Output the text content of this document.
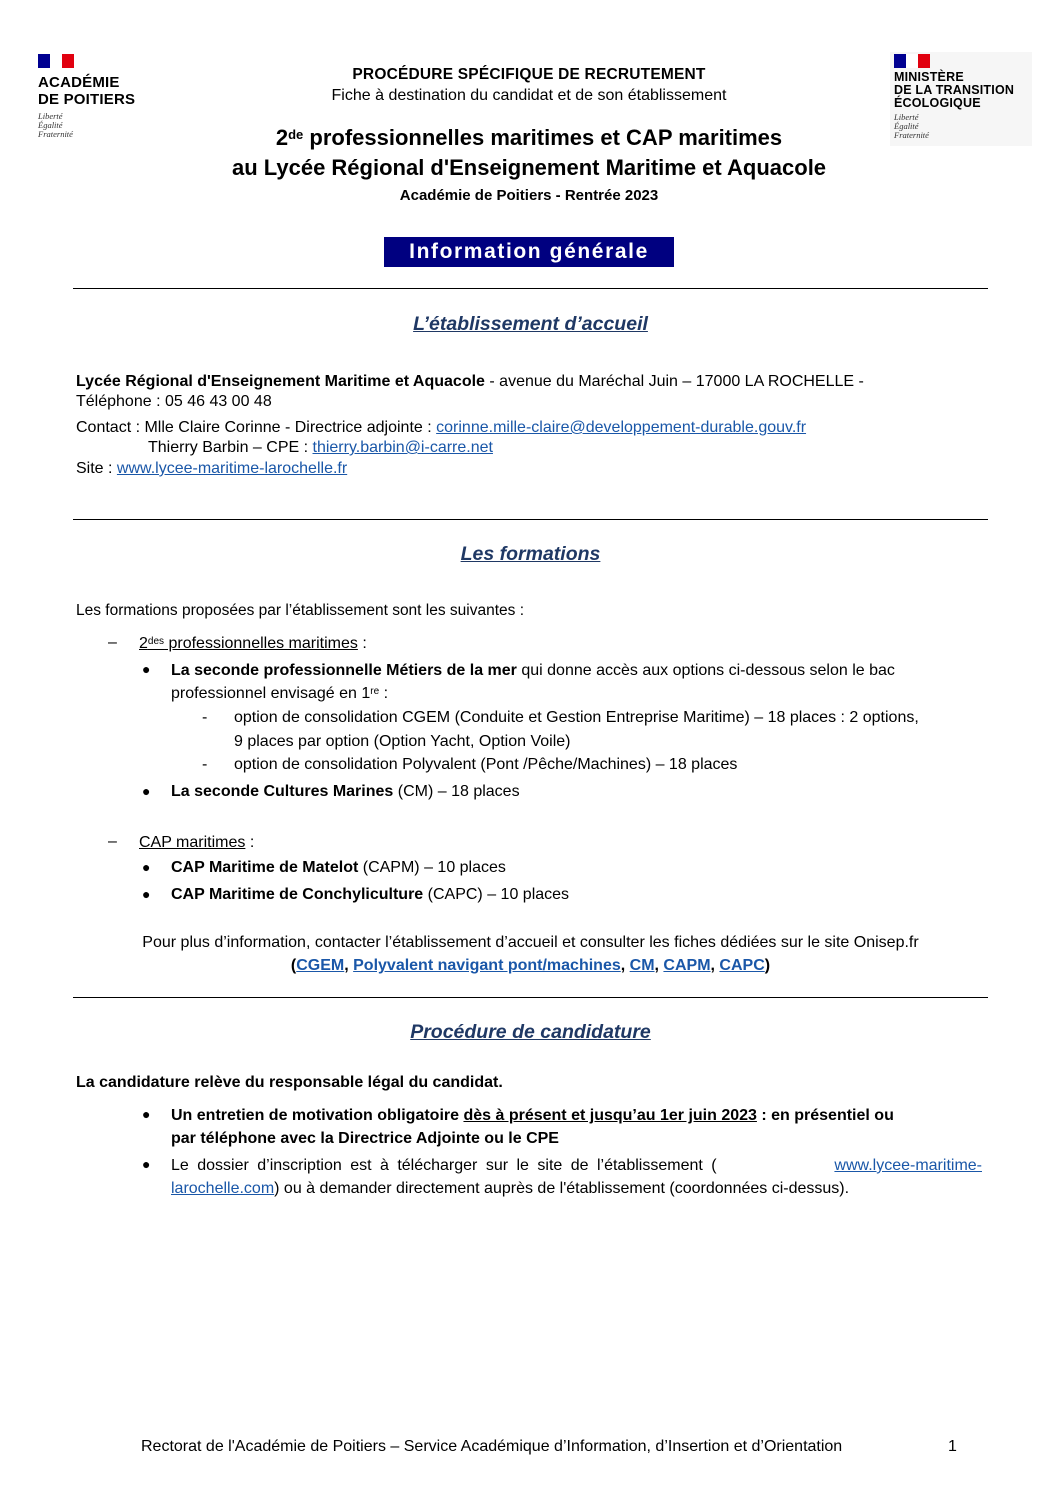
ACADÉMIE
DE POITIERS
Liberté
Égalité
Fraternité
MINISTÈRE
DE LA TRANSITION
ÉCOLOGIQUE
Liberté
Égalité
Fraternité
PROCÉDURE SPÉCIFIQUE DE RECRUTEMENT
Fiche à destination du candidat et de son établissement
2de professionnelles maritimes et CAP maritimes
au Lycée Régional d'Enseignement Maritime et Aquacole
Académie de Poitiers - Rentrée 2023
Information générale
L’établissement d’accueil
Lycée Régional d'Enseignement Maritime et Aquacole - avenue du Maréchal Juin – 17000 LA ROCHELLE -
Téléphone : 05 46 43 00 48
Contact : Mlle Claire Corinne - Directrice adjointe : corinne.mille-claire@developpement-durable.gouv.fr
Thierry Barbin – CPE : thierry.barbin@i-carre.net
Site : www.lycee-maritime-larochelle.fr
Les formations
Les formations proposées par l’établissement sont les suivantes :
– $2^{des}$ professionnelles maritimes :
● La seconde professionnelle Métiers de la mer qui donne accès aux options ci-dessous selon le bac
professionnel envisagé en 1re :
- option de consolidation CGEM (Conduite et Gestion Entreprise Maritime) – 18 places : 2 options,
9 places par option (Option Yacht, Option Voile)
- option de consolidation Polyvalent (Pont /Pêche/Machines) – 18 places
● La seconde Cultures Marines (CM) – 18 places
– CAP maritimes :
● CAP Maritime de Matelot (CAPM) – 10 places
● CAP Maritime de Conchyliculture (CAPC) – 10 places
Pour plus d’information, contacter l’établissement d’accueil et consulter les fiches dédiées sur le site Onisep.fr
(CGEM, Polyvalent navigant pont/machines, CM, CAPM, CAPC)
Procédure de candidature
La candidature relève du responsable légal du candidat.
● Un entretien de motivation obligatoire dès à présent et jusqu’au 1er juin 2023 : en présentiel ou
par téléphone avec la Directrice Adjointe ou le CPE
● Le dossier d’inscription est à télécharger sur le site de l’établissement (	www.lycee-maritime-
larochelle.com) ou à demander directement auprès de l'établissement (coordonnées ci-dessus).
Rectorat de l'Académie de Poitiers – Service Académique d’Information, d’Insertion et d’Orientation	1
